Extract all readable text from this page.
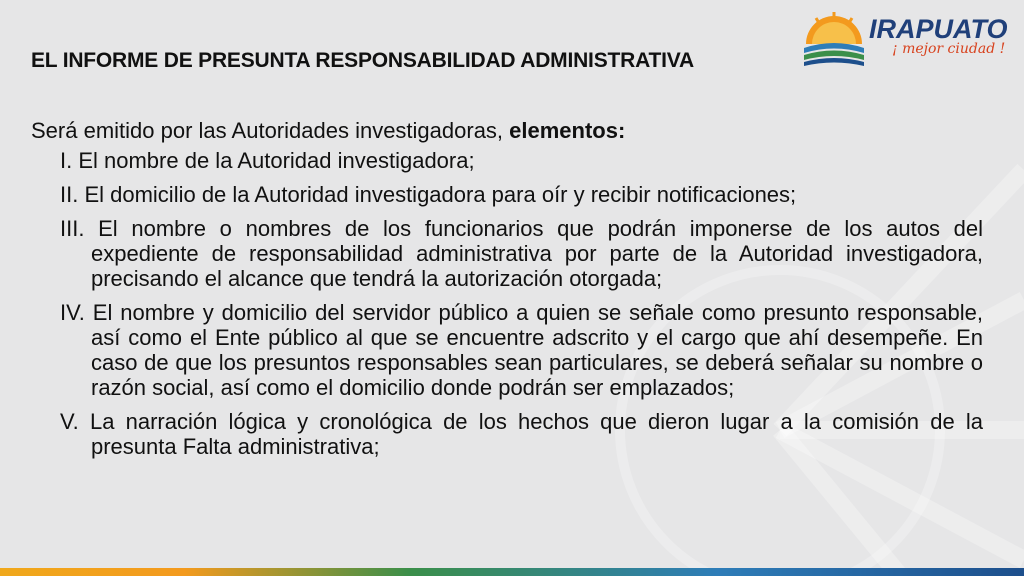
IRAPUATO
¡ mejor ciudad !
EL INFORME DE PRESUNTA RESPONSABILIDAD ADMINISTRATIVA
Será emitido por las Autoridades investigadoras, elementos:
I. El nombre de la Autoridad investigadora;
II. El domicilio de la Autoridad investigadora para oír y recibir notificaciones;
III. El nombre o nombres de los funcionarios que podrán imponerse de los autos del expediente de responsabilidad administrativa por parte de la Autoridad investigadora, precisando el alcance que tendrá la autorización otorgada;
IV. El nombre y domicilio del servidor público a quien se señale como presunto responsable, así como el Ente público al que se encuentre adscrito y el cargo que ahí desempeñe. En caso de que los presuntos responsables sean particulares, se deberá señalar su nombre o razón social, así como el domicilio donde podrán ser emplazados;
V. La narración lógica y cronológica de los hechos que dieron lugar a la comisión de la presunta Falta administrativa;
